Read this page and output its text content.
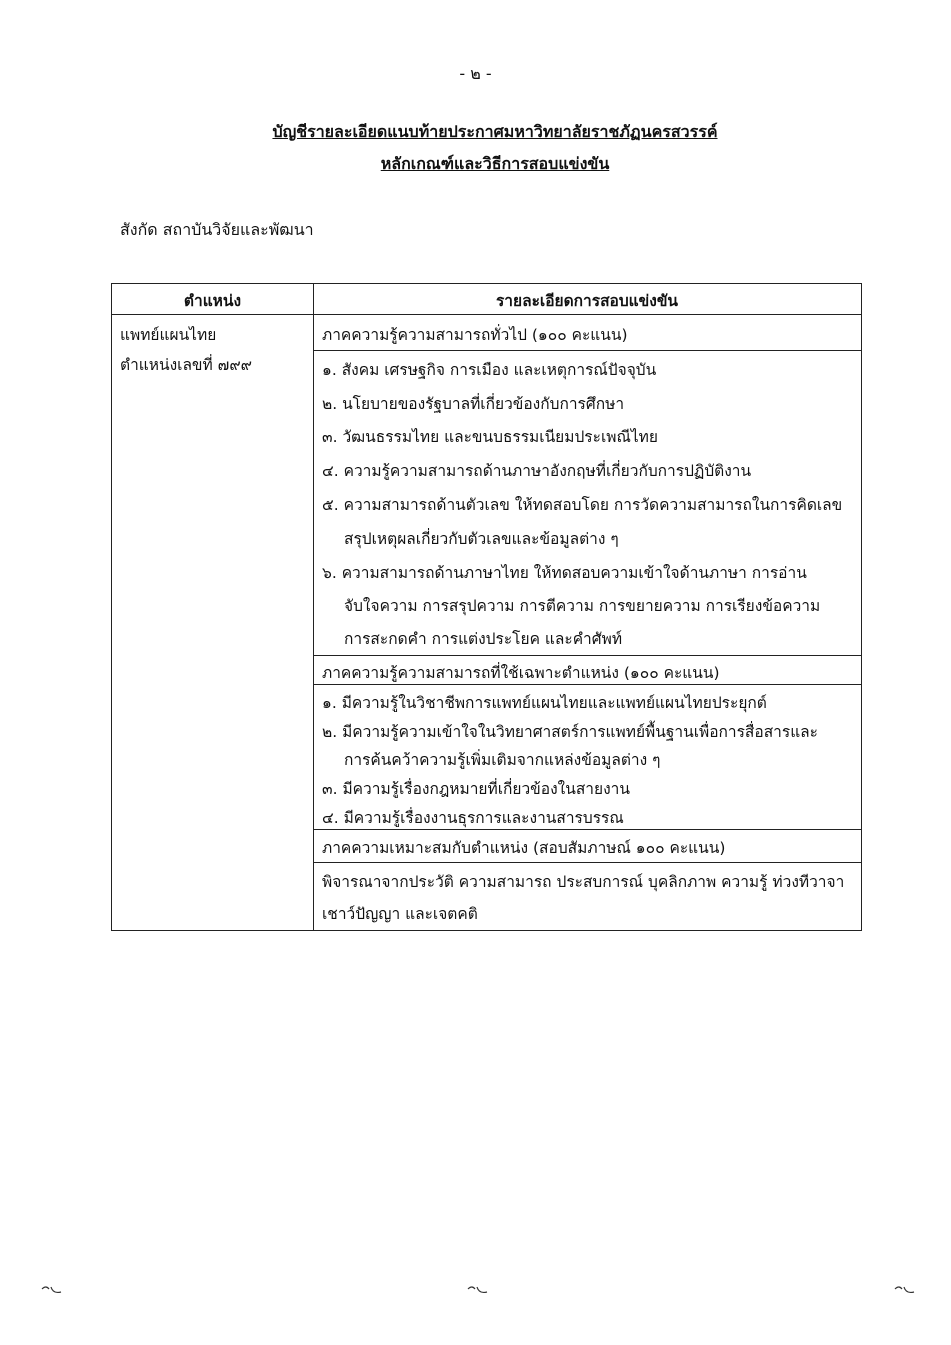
- ๒ -
บัญชีรายละเอียดแนบท้ายประกาศมหาวิทยาลัยราชภัฏนครสวรรค์
หลักเกณฑ์และวิธีการสอบแข่งขัน
สังกัด สถาบันวิจัยและพัฒนา
ตำแหน่ง	รายละเอียดการสอบแข่งขัน
แพทย์แผนไทย
ตำแหน่งเลขที่ ๗๙๙
ภาคความรู้ความสามารถทั่วไป (๑๐๐ คะแนน)
๑. สังคม เศรษฐกิจ การเมือง และเหตุการณ์ปัจจุบัน
๒. นโยบายของรัฐบาลที่เกี่ยวข้องกับการศึกษา
๓. วัฒนธรรมไทย และขนบธรรมเนียมประเพณีไทย
๔. ความรู้ความสามารถด้านภาษาอังกฤษที่เกี่ยวกับการปฏิบัติงาน
๕. ความสามารถด้านตัวเลข ให้ทดสอบโดย การวัดความสามารถในการคิดเลข
สรุปเหตุผลเกี่ยวกับตัวเลขและข้อมูลต่าง ๆ
๖. ความสามารถด้านภาษาไทย ให้ทดสอบความเข้าใจด้านภาษา การอ่าน
จับใจความ การสรุปความ การตีความ การขยายความ การเรียงข้อความ
การสะกดคำ การแต่งประโยค และคำศัพท์
ภาคความรู้ความสามารถที่ใช้เฉพาะตำแหน่ง (๑๐๐ คะแนน)
๑. มีความรู้ในวิชาชีพการแพทย์แผนไทยและแพทย์แผนไทยประยุกต์
๒. มีความรู้ความเข้าใจในวิทยาศาสตร์การแพทย์พื้นฐานเพื่อการสื่อสารและ
การค้นคว้าความรู้เพิ่มเติมจากแหล่งข้อมูลต่าง ๆ
๓. มีความรู้เรื่องกฎหมายที่เกี่ยวข้องในสายงาน
๔. มีความรู้เรื่องงานธุรการและงานสารบรรณ
ภาคความเหมาะสมกับตำแหน่ง (สอบสัมภาษณ์ ๑๐๐ คะแนน)
พิจารณาจากประวัติ ความสามารถ ประสบการณ์ บุคลิกภาพ ความรู้ ท่วงทีวาจา
เชาว์ปัญญา และเจตคติ
